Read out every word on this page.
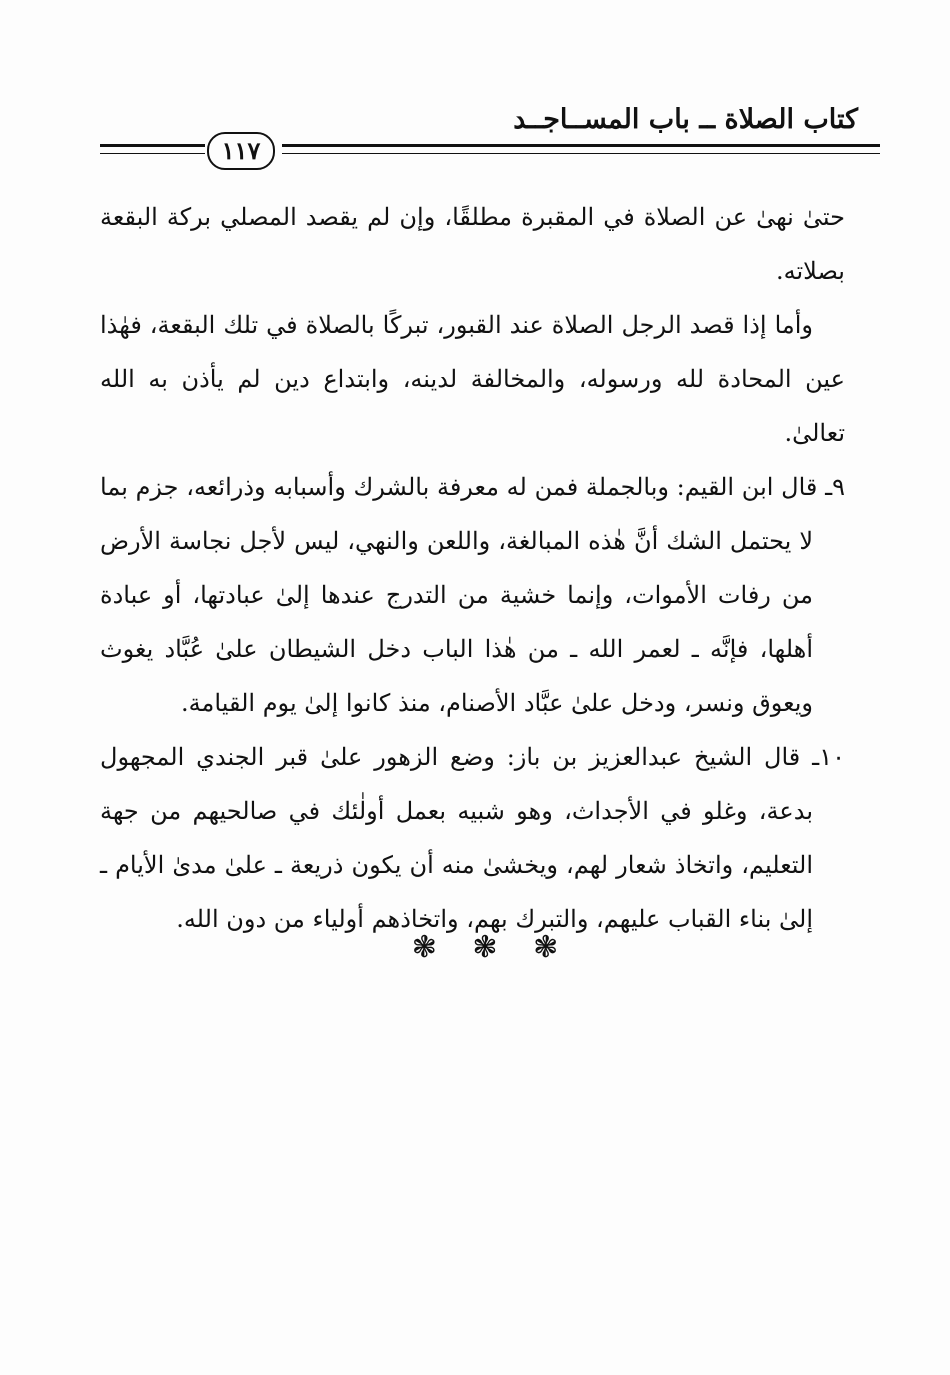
كتاب الصلاة ــ باب المســاجــد
١١٧

حتىٰ نهىٰ عن الصلاة في المقبرة مطلقًا، وإن لم يقصد المصلي بركة البقعة بصلاته.

وأما إذا قصد الرجل الصلاة عند القبور، تبركًا بالصلاة في تلك البقعة، فهٰذا عين المحادة لله ورسوله، والمخالفة لدينه، وابتداع دين لم يأذن به الله تعالىٰ.

٩ـ قال ابن القيم: وبالجملة فمن له معرفة بالشرك وأسبابه وذرائعه، جزم بما لا يحتمل الشك أنَّ هٰذه المبالغة، واللعن والنهي، ليس لأجل نجاسة الأرض من رفات الأموات، وإنما خشية من التدرج عندها إلىٰ عبادتها، أو عبادة أهلها، فإنَّه ـ لعمر الله ـ من هٰذا الباب دخل الشيطان علىٰ عُبَّاد يغوث ويعوق ونسر، ودخل علىٰ عبَّاد الأصنام، منذ كانوا إلىٰ يوم القيامة.

١٠ـ قال الشيخ عبدالعزيز بن باز: وضع الزهور علىٰ قبر الجندي المجهول بدعة، وغلو في الأجداث، وهو شبيه بعمل أولٰئك في صالحيهم من جهة التعليم، واتخاذ شعار لهم، ويخشىٰ منه أن يكون ذريعة ـ علىٰ مدىٰ الأيام ـ إلىٰ بناء القباب عليهم، والتبرك بهم، واتخاذهم أولياء من دون الله.

❃ ❃ ❃
